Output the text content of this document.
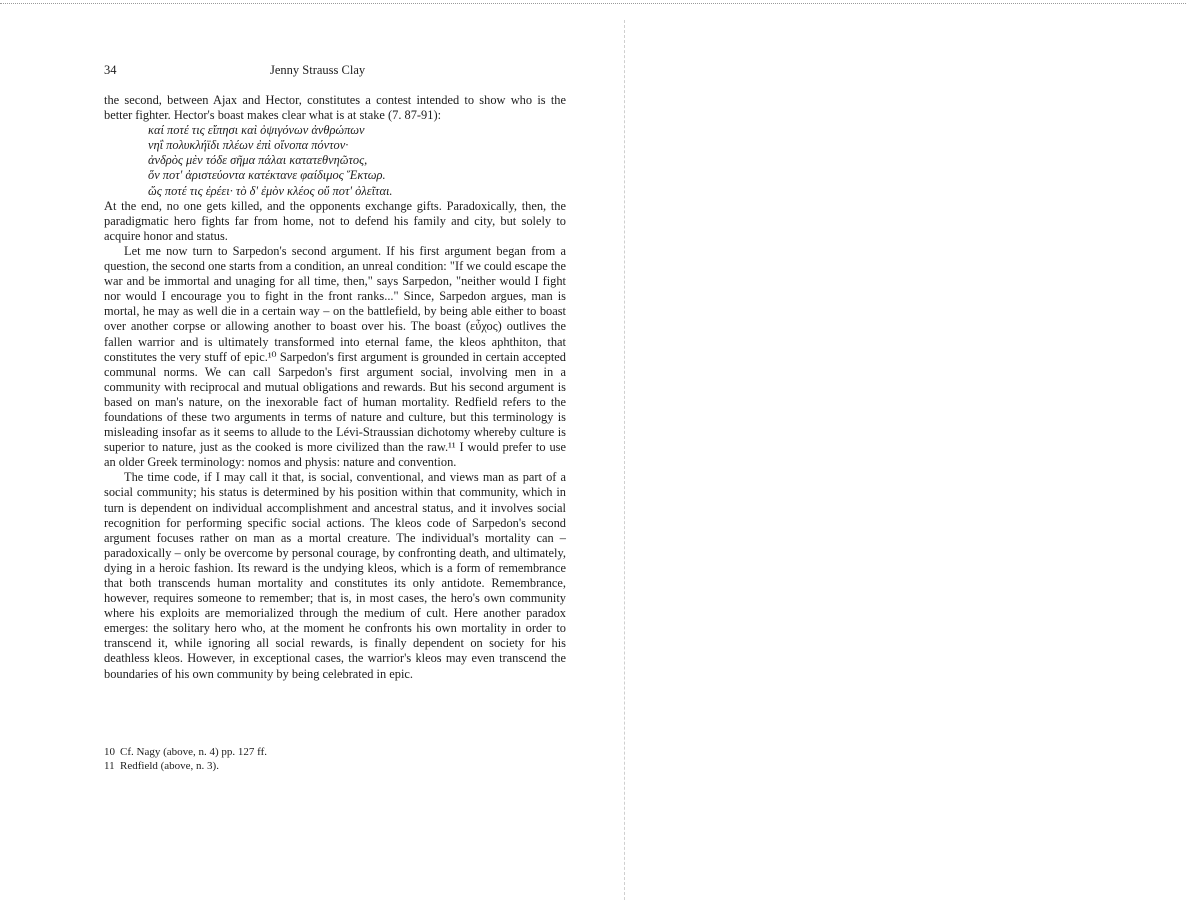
34	Jenny Strauss Clay

the second, between Ajax and Hector, constitutes a contest intended to show who is the better fighter. Hector's boast makes clear what is at stake (7. 87-91):

καί ποτέ τις εἴπησι καὶ ὀψιγόνων ἀνθρώπων
νηΐ πολυκλήϊδι πλέων ἐπὶ οἴνοπα πόντον·
ἀνδρὸς μὲν τόδε σῆμα πάλαι κατατεθνηῶτος,
ὅν ποτ' ἀριστεύοντα κατέκτανε φαίδιμος Ἕκτωρ.
ὥς ποτέ τις ἐρέει· τὸ δ' ἐμὸν κλέος οὔ ποτ' ὀλεῖται.

At the end, no one gets killed, and the opponents exchange gifts. Paradoxically, then, the paradigmatic hero fights far from home, not to defend his family and city, but solely to acquire honor and status.

Let me now turn to Sarpedon's second argument. If his first argument began from a question, the second one starts from a condition, an unreal condition: "If we could escape the war and be immortal and unaging for all time, then," says Sarpedon, "neither would I fight nor would I encourage you to fight in the front ranks..." Since, Sarpedon argues, man is mortal, he may as well die in a certain way – on the battlefield, by being able either to boast over another corpse or allowing another to boast over his. The boast (εὖχος) outlives the fallen warrior and is ultimately transformed into eternal fame, the kleos aphthiton, that constitutes the very stuff of epic.¹⁰ Sarpedon's first argument is grounded in certain accepted communal norms. We can call Sarpedon's first argument social, involving men in a community with reciprocal and mutual obligations and rewards. But his second argument is based on man's nature, on the inexorable fact of human mortality. Redfield refers to the foundations of these two arguments in terms of nature and culture, but this terminology is misleading insofar as it seems to allude to the Lévi-Straussian dichotomy whereby culture is superior to nature, just as the cooked is more civilized than the raw.¹¹ I would prefer to use an older Greek terminology: nomos and physis: nature and convention.

The time code, if I may call it that, is social, conventional, and views man as part of a social community; his status is determined by his position within that community, which in turn is dependent on individual accomplishment and ancestral status, and it involves social recognition for performing specific social actions. The kleos code of Sarpedon's second argument focuses rather on man as a mortal creature. The individual's mortality can – paradoxically – only be overcome by personal courage, by confronting death, and ultimately, dying in a heroic fashion. Its reward is the undying kleos, which is a form of remembrance that both transcends human mortality and constitutes its only antidote. Remembrance, however, requires someone to remember; that is, in most cases, the hero's own community where his exploits are memorialized through the medium of cult. Here another paradox emerges: the solitary hero who, at the moment he confronts his own mortality in order to transcend it, while ignoring all social rewards, is finally dependent on society for his deathless kleos. However, in exceptional cases, the warrior's kleos may even transcend the boundaries of his own community by being celebrated in epic.

10 Cf. Nagy (above, n. 4) pp. 127 ff.
11 Redfield (above, n. 3).
